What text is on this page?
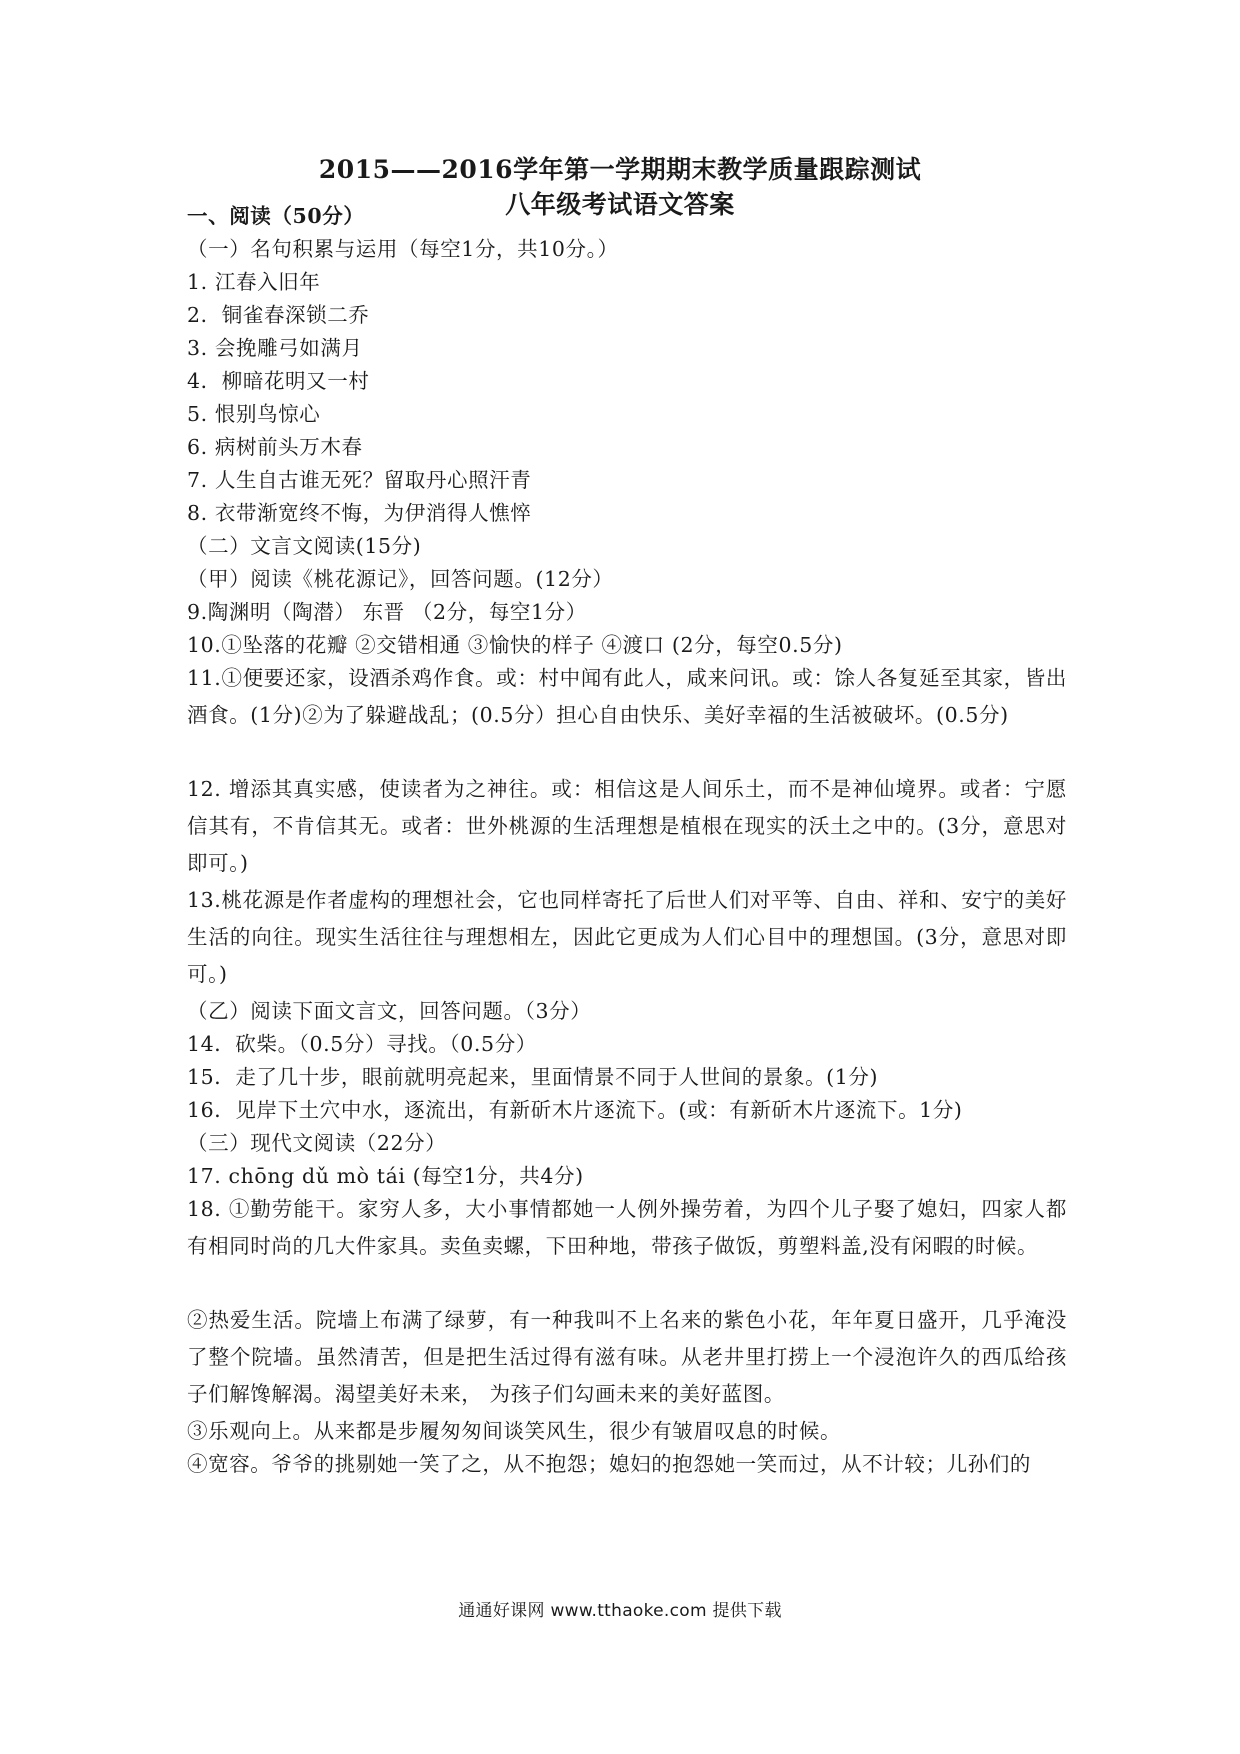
2015——2016学年第一学期期末教学质量跟踪测试
八年级考试语文答案
一、阅读（50分）
（一）名句积累与运用（每空1分，共10分。）
1. 江春入旧年
2．铜雀春深锁二乔
3. 会挽雕弓如满月
4．柳暗花明又一村
5. 恨别鸟惊心
6. 病树前头万木春
7. 人生自古谁无死？留取丹心照汗青
8. 衣带渐宽终不悔，为伊消得人憔悴
（二）文言文阅读(15分)
（甲）阅读《桃花源记》，回答问题。(12分）
9.陶渊明（陶潜） 东晋 （2分，每空1分）
10.①坠落的花瓣 ②交错相通 ③愉快的样子 ④渡口 (2分，每空0.5分)
11.①便要还家，设酒杀鸡作食。或：村中闻有此人，咸来问讯。或：馀人各复延至其家，皆出酒食。(1分)②为了躲避战乱；(0.5分）担心自由快乐、美好幸福的生活被破坏。(0.5分)
12. 增添其真实感，使读者为之神往。或：相信这是人间乐土，而不是神仙境界。或者：宁愿信其有，不肯信其无。或者：世外桃源的生活理想是植根在现实的沃土之中的。(3分，意思对即可。)
13.桃花源是作者虚构的理想社会，它也同样寄托了后世人们对平等、自由、祥和、安宁的美好生活的向往。现实生活往往与理想相左，因此它更成为人们心目中的理想国。(3分，意思对即可。)
（乙）阅读下面文言文，回答问题。（3分）
14．砍柴。（0.5分）寻找。（0.5分）
15．走了几十步，眼前就明亮起来，里面情景不同于人世间的景象。(1分)
16．见岸下土穴中水，逐流出，有新斫木片逐流下。(或：有新斫木片逐流下。1分)
（三）现代文阅读（22分）
17. chōng dǔ mò tái (每空1分，共4分)
18. ①勤劳能干。家穷人多，大小事情都她一人例外操劳着，为四个儿子娶了媳妇，四家人都有相同时尚的几大件家具。卖鱼卖螺，下田种地，带孩子做饭，剪塑料盖,没有闲暇的时候。
②热爱生活。院墙上布满了绿萝，有一种我叫不上名来的紫色小花，年年夏日盛开，几乎淹没了整个院墙。虽然清苦，但是把生活过得有滋有味。从老井里打捞上一个浸泡许久的西瓜给孩子们解馋解渴。渴望美好未来， 为孩子们勾画未来的美好蓝图。
③乐观向上。从来都是步履匆匆间谈笑风生，很少有皱眉叹息的时候。
④宽容。爷爷的挑剔她一笑了之，从不抱怨；媳妇的抱怨她一笑而过，从不计较；儿孙们的
通通好课网 www.tthaoke.com 提供下载
